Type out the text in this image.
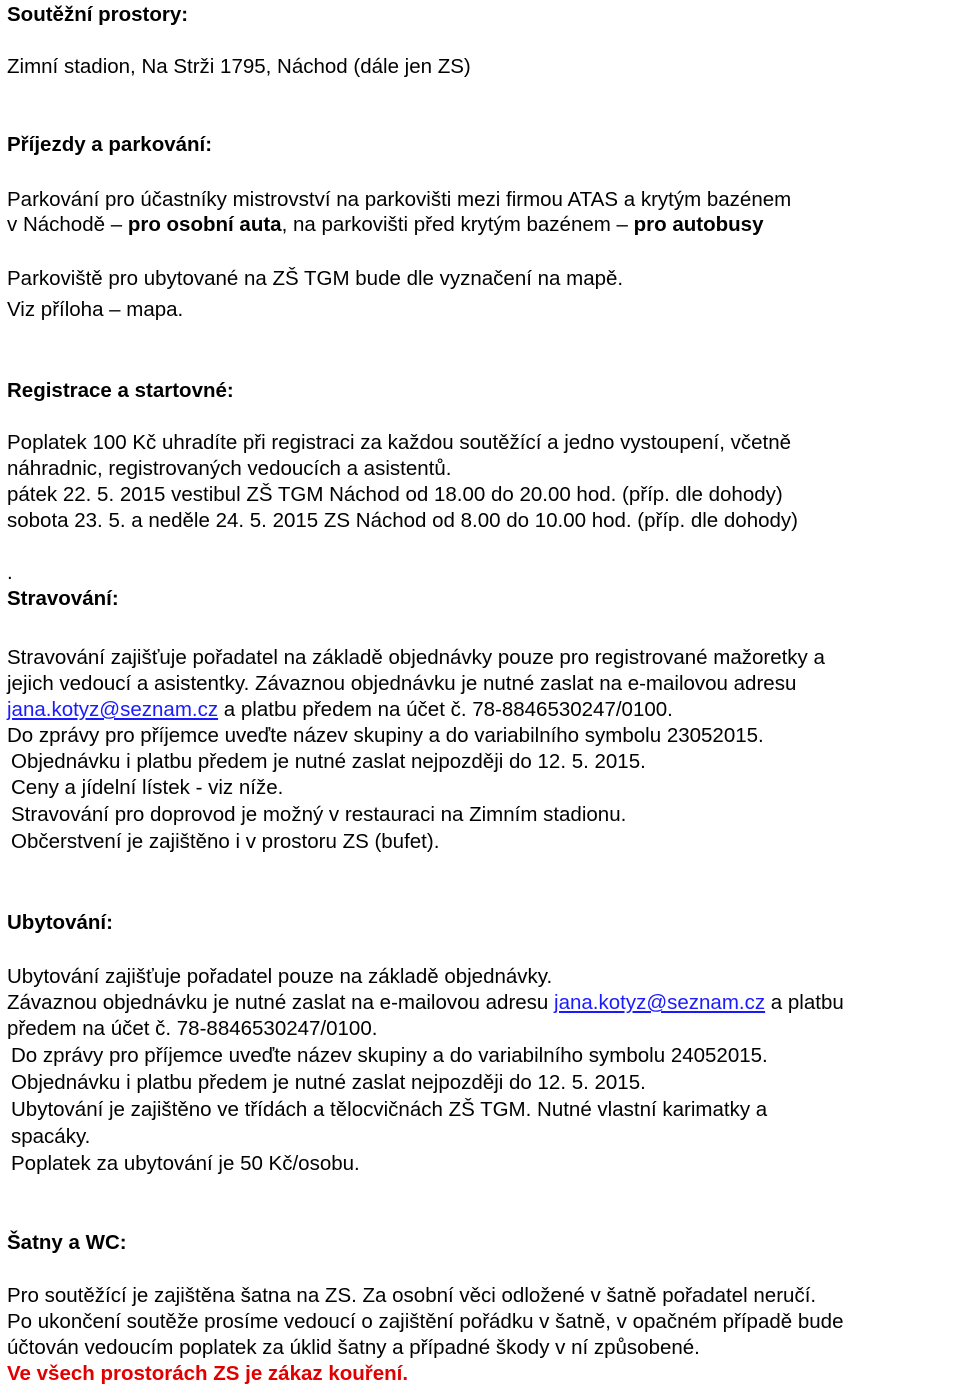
Soutěžní prostory:
Zimní stadion, Na Strži 1795, Náchod (dále jen ZS)
Příjezdy a parkování:
Parkování pro účastníky mistrovství na parkovišti mezi firmou ATAS a krytým bazénem
v Náchodě – pro osobní auta, na parkovišti před krytým bazénem – pro autobusy
Parkoviště pro ubytované na ZŠ TGM bude dle vyznačení na mapě.
Viz příloha – mapa.
Registrace a startovné:
Poplatek 100 Kč uhradíte při registraci za každou soutěžící a jedno vystoupení, včetně
náhradnic, registrovaných vedoucích a asistentů.
pátek 22. 5. 2015 vestibul ZŠ TGM Náchod od 18.00 do 20.00 hod. (příp. dle dohody)
sobota 23. 5. a neděle 24. 5. 2015 ZS Náchod od 8.00 do 10.00 hod. (příp. dle dohody)
.
Stravování:
Stravování zajišťuje pořadatel na základě objednávky pouze pro registrované mažoretky a
jejich vedoucí a asistentky. Závaznou objednávku je nutné zaslat na e-mailovou adresu
jana.kotyz@seznam.cz a platbu předem na účet č. 78-8846530247/0100.
Do zprávy pro příjemce uveďte název skupiny a do variabilního symbolu 23052015.
Objednávku i platbu předem je nutné zaslat nejpozději do 12. 5. 2015.
Ceny a jídelní lístek - viz níže.
Stravování pro doprovod je možný v restauraci na Zimním stadionu.
Občerstvení je zajištěno i v prostoru ZS (bufet).
Ubytování:
Ubytování zajišťuje pořadatel pouze na základě objednávky.
Závaznou objednávku je nutné zaslat na e-mailovou adresu jana.kotyz@seznam.cz a platbu
předem na účet č. 78-8846530247/0100.
Do zprávy pro příjemce uveďte název skupiny a do variabilního symbolu 24052015.
Objednávku i platbu předem je nutné zaslat nejpozději do 12. 5. 2015.
Ubytování je zajištěno ve třídách a tělocvičnách ZŠ TGM. Nutné vlastní karimatky a
spacáky.
Poplatek za ubytování je 50 Kč/osobu.
Šatny a WC:
Pro soutěžící je zajištěna šatna na ZS. Za osobní věci odložené v šatně pořadatel neručí.
Po ukončení soutěže prosíme vedoucí o zajištění pořádku v šatně, v opačném případě bude
účtován vedoucím poplatek za úklid šatny a případné škody v ní způsobené.
Ve všech prostorách ZS je zákaz kouření.
